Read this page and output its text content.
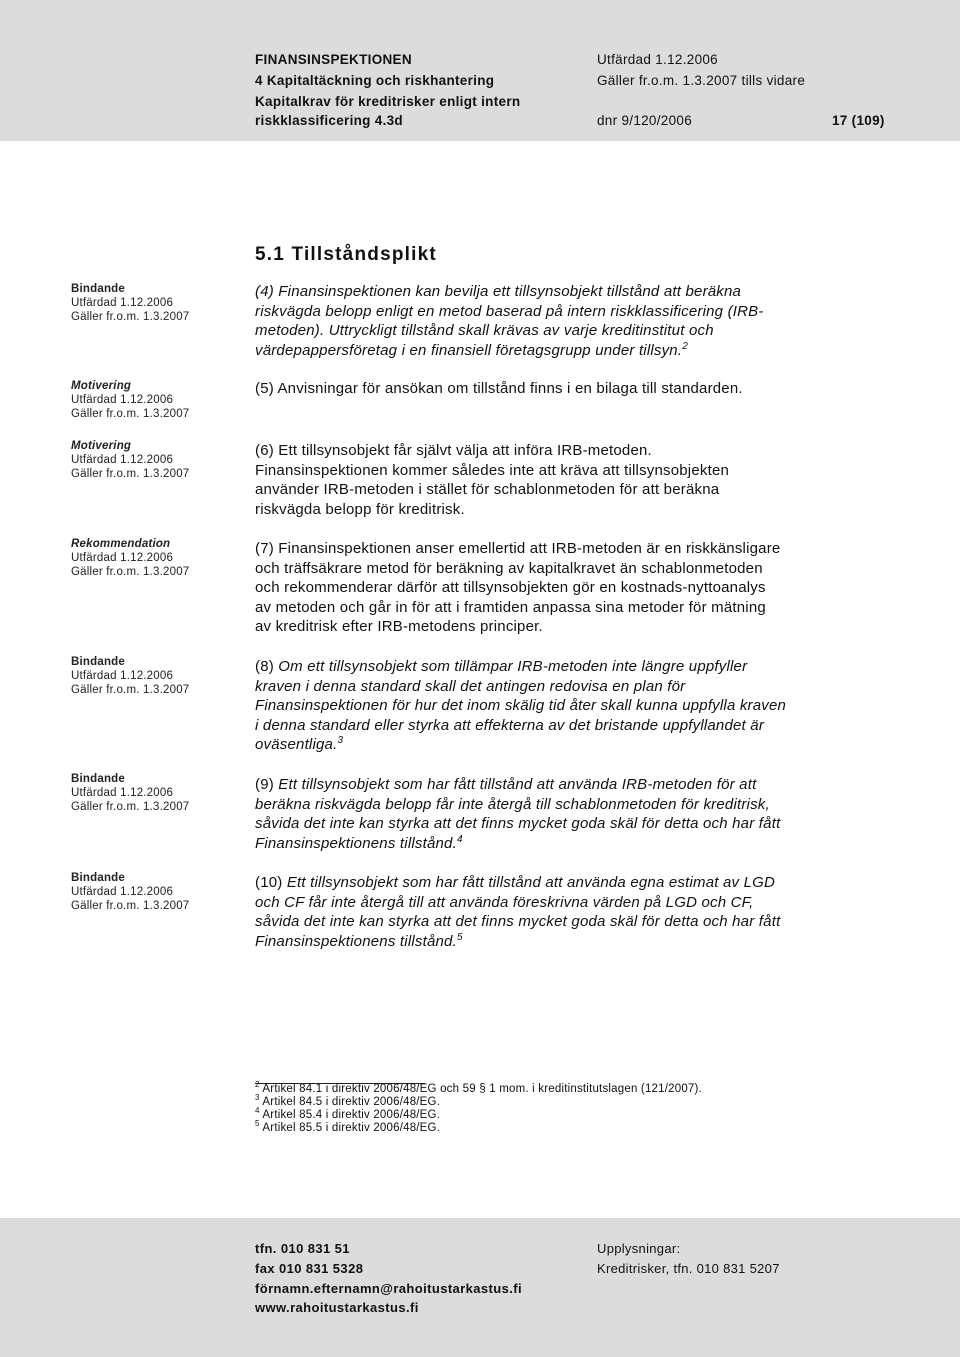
FINANSINSPEKTIONEN
4 Kapitaltäckning och riskhantering
Kapitalkrav för kreditrisker enligt intern
riskklassificering 4.3d
Utfärdad 1.12.2006
Gäller fr.o.m. 1.3.2007 tills vidare
dnr 9/120/2006	17 (109)
5.1 Tillståndsplikt
Bindande
Utfärdad 1.12.2006
Gäller fr.o.m. 1.3.2007
Motivering
Utfärdad 1.12.2006
Gäller fr.o.m. 1.3.2007
Motivering
Utfärdad 1.12.2006
Gäller fr.o.m. 1.3.2007
Rekommendation
Utfärdad 1.12.2006
Gäller fr.o.m. 1.3.2007
Bindande
Utfärdad 1.12.2006
Gäller fr.o.m. 1.3.2007
Bindande
Utfärdad 1.12.2006
Gäller fr.o.m. 1.3.2007
Bindande
Utfärdad 1.12.2006
Gäller fr.o.m. 1.3.2007

(4) Finansinspektionen kan bevilja ett tillsynsobjekt tillstånd att beräkna

riskvägda belopp enligt en metod baserad på intern riskklassificering (IRB-

metoden). Uttryckligt tillstånd skall krävas av varje kreditinstitut och

värdepappersföretag i en finansiell företagsgrupp under tillsyn.$^2$

(5) Anvisningar för ansökan om tillstånd finns i en bilaga till standarden.

(6) Ett tillsynsobjekt får självt välja att införa IRB-metoden.

Finansinspektionen kommer således inte att kräva att tillsynsobjekten

använder IRB-metoden i stället för schablonmetoden för att beräkna

riskvägda belopp för kreditrisk.

(7) Finansinspektionen anser emellertid att IRB-metoden är en riskkänsligare

och träffsäkrare metod för beräkning av kapitalkravet än schablonmetoden

och rekommenderar därför att tillsynsobjekten gör en kostnads-nyttoanalys

av metoden och går in för att i framtiden anpassa sina metoder för mätning

av kreditrisk efter IRB-metodens principer.

(8) Om ett tillsynsobjekt som tillämpar IRB-metoden inte längre uppfyller

kraven i denna standard skall det antingen redovisa en plan för

Finansinspektionen för hur det inom skälig tid åter skall kunna uppfylla kraven

i denna standard eller styrka att effekterna av det bristande uppfyllandet är

oväsentliga.$^3$

(9) Ett tillsynsobjekt som har fått tillstånd att använda IRB-metoden för att

beräkna riskvägda belopp får inte återgå till schablonmetoden för kreditrisk,

såvida det inte kan styrka att det finns mycket goda skäl för detta och har fått

Finansinspektionens tillstånd.$^4$

(10) Ett tillsynsobjekt som har fått tillstånd att använda egna estimat av LGD

och CF får inte återgå till att använda föreskrivna värden på LGD och CF,

såvida det inte kan styrka att det finns mycket goda skäl för detta och har fått

Finansinspektionens tillstånd.$^5$

$^2$ Artikel 84.1 i direktiv 2006/48/EG och 59 § 1 mom. i kreditinstitutslagen (121/2007).
$^3$ Artikel 84.5 i direktiv 2006/48/EG.
$^4$ Artikel 85.4 i direktiv 2006/48/EG.
$^5$ Artikel 85.5 i direktiv 2006/48/EG.
tfn. 010 831 51
fax 010 831 5328
förnamn.efternamn@rahoitustarkastus.fi
www.rahoitustarkastus.fi
Upplysningar:
Kreditrisker, tfn. 010 831 5207
